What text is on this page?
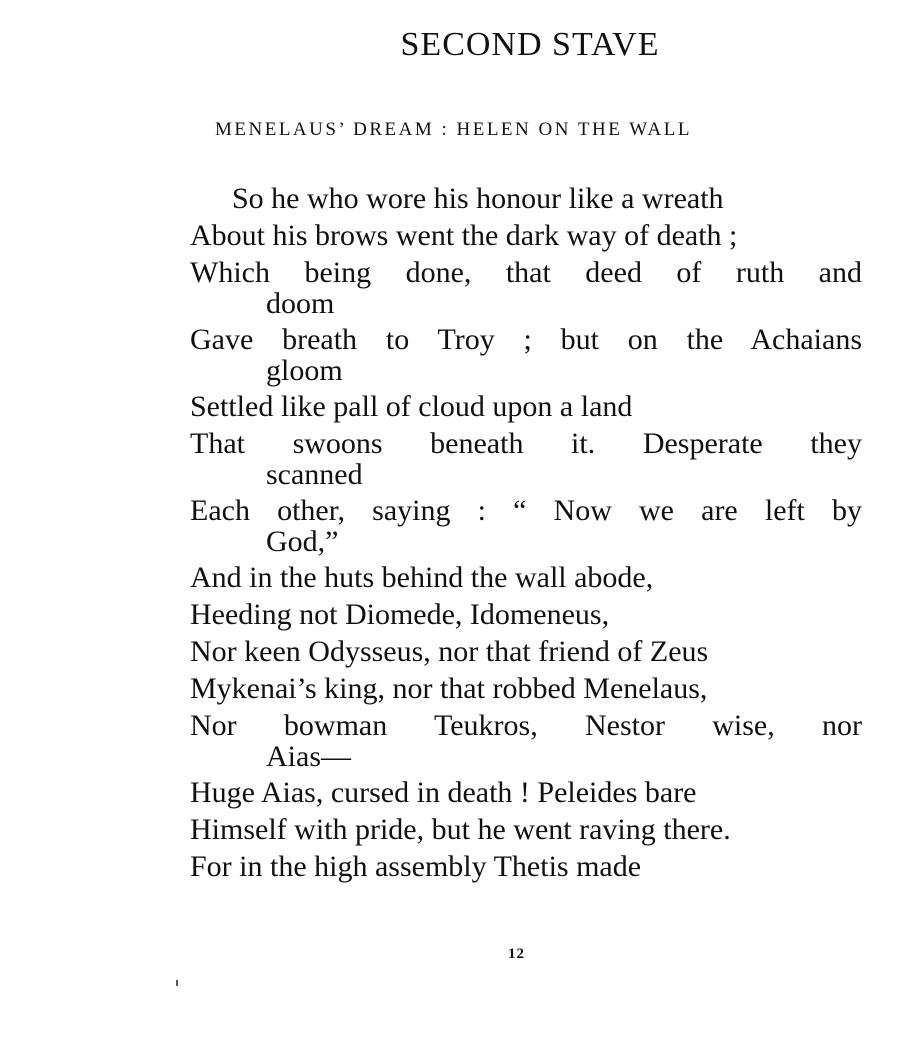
SECOND STAVE
MENELAUS’ DREAM : HELEN ON THE WALL
So he who wore his honour like a wreath
About his brows went the dark way of death ;
Which being done, that deed of ruth and
doom
Gave breath to Troy ; but on the Achaians
gloom
Settled like pall of cloud upon a land
That swoons beneath it. Desperate they
scanned
Each other, saying : “ Now we are left by
God,”
And in the huts behind the wall abode,
Heeding not Diomede, Idomeneus,
Nor keen Odysseus, nor that friend of Zeus
Mykenai’s king, nor that robbed Menelaus,
Nor bowman Teukros, Nestor wise, nor
Aias—
Huge Aias, cursed in death ! Peleides bare
Himself with pride, but he went raving there.
For in the high assembly Thetis made
12
